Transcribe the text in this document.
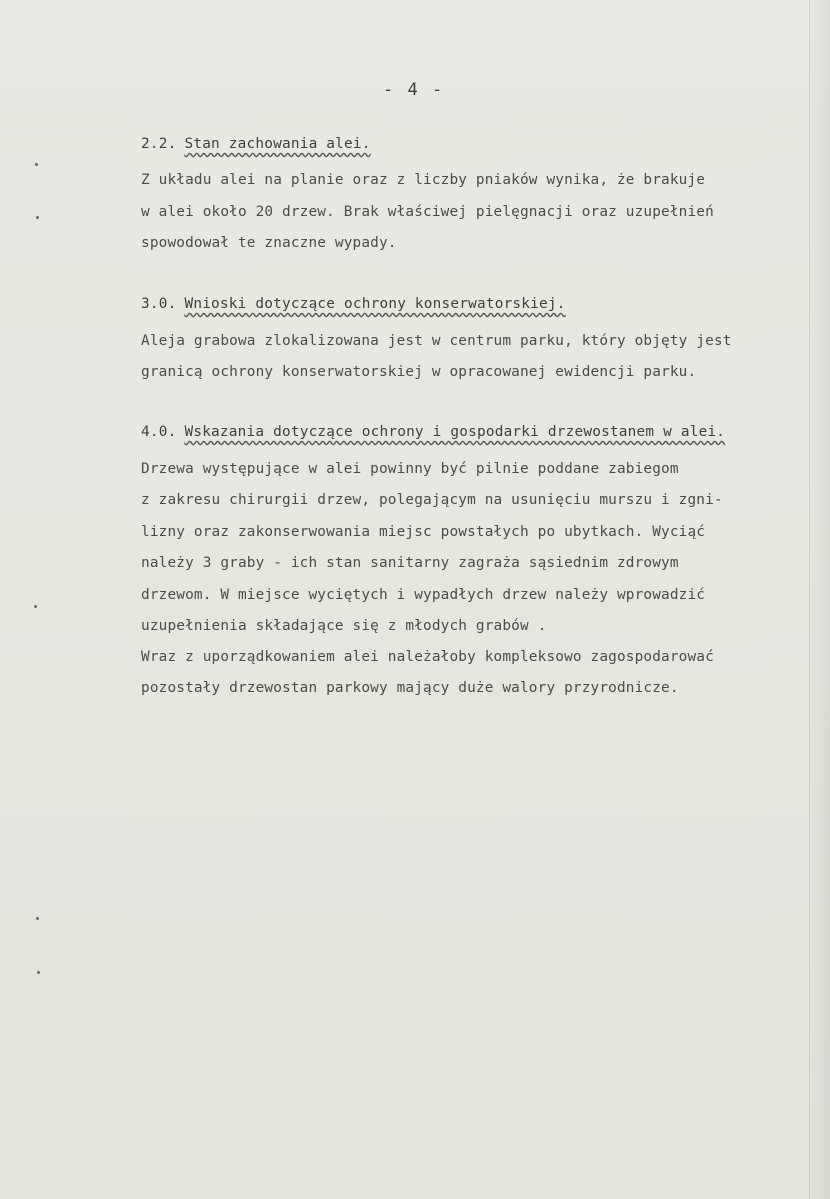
- 4 -
2.2. Stan zachowania alei.
Z układu alei na planie oraz z liczby pniaków wynika, że brakuje
w alei około 20 drzew. Brak właściwej pielęgnacji oraz uzupełnień
spowodował te znaczne wypady.
3.0. Wnioski dotyczące ochrony konserwatorskiej.
Aleja grabowa zlokalizowana jest w centrum parku, który objęty jest
granicą ochrony konserwatorskiej w opracowanej ewidencji parku.
4.0. Wskazania dotyczące ochrony i gospodarki drzewostanem w alei.
Drzewa występujące w alei powinny być pilnie poddane zabiegom
z zakresu chirurgii drzew, polegającym na usunięciu murszu i zgni-
lizny oraz zakonserwowania miejsc powstałych po ubytkach. Wyciąć
należy 3 graby - ich stan sanitarny zagraża sąsiednim zdrowym
drzewom. W miejsce wyciętych i wypadłych drzew należy wprowadzić
uzupełnienia składające się z młodych grabów .
Wraz z uporządkowaniem alei należałoby kompleksowo zagospodarować
pozostały drzewostan parkowy mający duże walory przyrodnicze.
